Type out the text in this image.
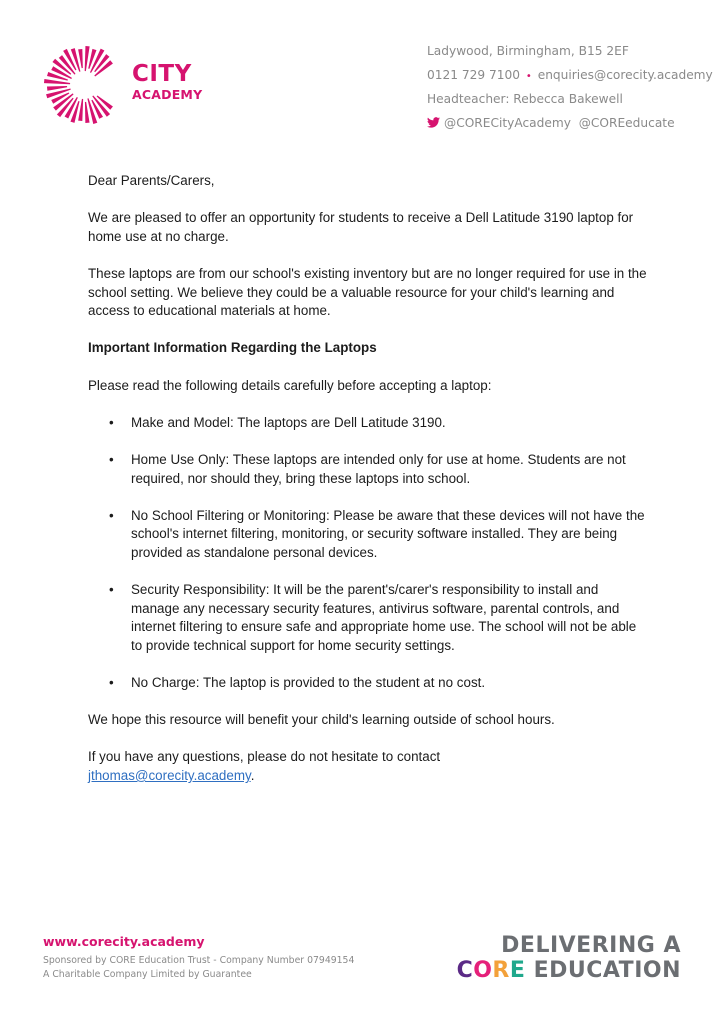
CITY
ACADEMY
Ladywood, Birmingham, B15 2EF
0121 729 7100 • enquiries@corecity.academy
Headteacher: Rebecca Bakewell
@CORECityAcademy @COREeducate

Dear Parents/Carers,

We are pleased to offer an opportunity for students to receive a Dell Latitude 3190 laptop for home use at no charge.

These laptops are from our school's existing inventory but are no longer required for use in the school setting. We believe they could be a valuable resource for your child's learning and access to educational materials at home.

Important Information Regarding the Laptops

Please read the following details carefully before accepting a laptop:

• Make and Model: The laptops are Dell Latitude 3190.
• Home Use Only: These laptops are intended only for use at home. Students are not required, nor should they, bring these laptops into school.
• No School Filtering or Monitoring: Please be aware that these devices will not have the school's internet filtering, monitoring, or security software installed. They are being provided as standalone personal devices.
• Security Responsibility: It will be the parent's/carer's responsibility to install and manage any necessary security features, antivirus software, parental controls, and internet filtering to ensure safe and appropriate home use. The school will not be able to provide technical support for home security settings.
• No Charge: The laptop is provided to the student at no cost.

We hope this resource will benefit your child's learning outside of school hours.

If you have any questions, please do not hesitate to contact
jthomas@corecity.academy.

www.corecity.academy
Sponsored by CORE Education Trust - Company Number 07949154
A Charitable Company Limited by Guarantee
DELIVERING A
CORE EDUCATION
